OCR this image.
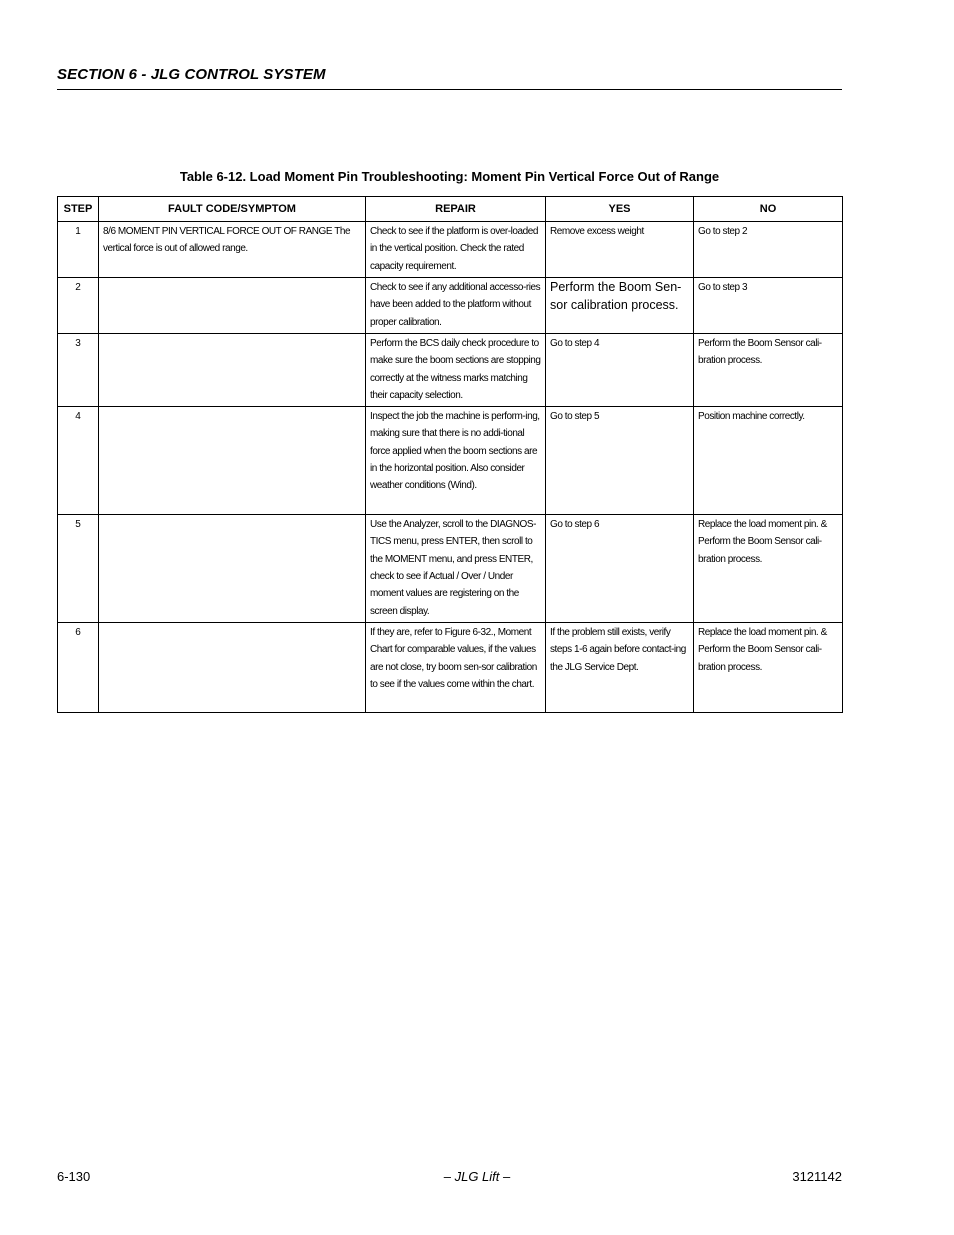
SECTION 6 - JLG CONTROL SYSTEM
Table 6-12. Load Moment Pin Troubleshooting: Moment Pin Vertical Force Out of Range
STEP	FAULT CODE/SYMPTOM	REPAIR	YES	NO
1	8/6 MOMENT PIN VERTICAL FORCE OUT OF RANGE The vertical force is out of allowed range.	Check to see if the platform is over-loaded in the vertical position. Check the rated capacity requirement.	Remove excess weight	Go to step 2
2		Check to see if any additional accesso-ries have been added to the platform without proper calibration.	Perform the Boom Sen-sor calibration process.	Go to step 3
3		Perform the BCS daily check procedure to make sure the boom sections are stopping correctly at the witness marks matching their capacity selection.	Go to step 4	Perform the Boom Sensor cali-bration process.
4		Inspect the job the machine is perform-ing, making sure that there is no addi-tional force applied when the boom sections are in the horizontal position. Also consider weather conditions (Wind).	Go to step 5	Position machine correctly.
5		Use the Analyzer, scroll to the DIAGNOS-TICS menu, press ENTER, then scroll to the MOMENT menu, and press ENTER, check to see if Actual / Over / Under moment values are registering on the screen display.	Go to step 6	Replace the load moment pin. & Perform the Boom Sensor cali-bration process.
6		If they are, refer to Figure 6-32., Moment Chart for comparable values, if the values are not close, try boom sen-sor calibration to see if the values come within the chart.	If the problem still exists, verify steps 1-6 again before contact-ing the JLG Service Dept.	Replace the load moment pin. & Perform the Boom Sensor cali-bration process.
6-130	– JLG Lift –	3121142
